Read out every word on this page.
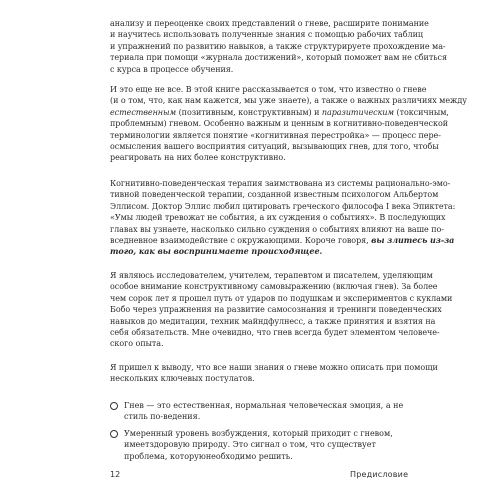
анализу и переоценке своих представлений о гневе, расширите понимание
и научитесь использовать полученные знания с помощью рабочих таблиц
и упражнений по развитию навыков, а также структурируете прохождение ма-
териала при помощи «журнала достижений», который поможет вам не сбиться
с курса в процессе обучения.
И это еще не все. В этой книге рассказывается о том, что известно о гневе
(и о том, что, как нам кажется, мы уже знаете), а также о важных различиях между
естественным (позитивным, конструктивным) и паразитическим (токсичным,
проблемным) гневом. Особенно важным и ценным в когнитивно-поведенческой
терминологии является понятие «когнитивная перестройка» — процесс пере-
осмысления вашего восприятия ситуаций, вызывающих гнев, для того, чтобы
реагировать на них более конструктивно.
Когнитивно-поведенческая терапия заимствована из системы рационально-эмо-
тивной поведенческой терапии, созданной известным психологом Альбертом
Эллисом. Доктор Эллис любил цитировать греческого философа I века Эпиктета:
«Умы людей тревожат не события, а их суждения о событиях». В последующих
главах вы узнаете, насколько сильно суждения о событиях влияют на ваше по-
вседневное взаимодействие с окружающими. Короче говоря, вы злитесь из-за
того, как вы воспринимаете происходящее.
Я являюсь исследователем, учителем, терапевтом и писателем, уделяющим
особое внимание конструктивному самовыражению (включая гнев). За более
чем сорок лет я прошел путь от ударов по подушкам и экспериментов с куклами
Бобо через упражнения на развитие самосознания и тренинги поведенческих
навыков до медитации, техник майндфулнесс, а также принятия и взятия на
себя обязательств. Мне очевидно, что гнев всегда будет элементом человече-
ского опыта.
Я пришел к выводу, что все наши знания о гневе можно описать при помощи
нескольких ключевых постулатов.
12	Предисловие
Гнев — это естественная, нормальная человеческая эмоция, а не стиль по-ведения.
Умеренный уровень возбуждения, который приходит с гневом, имеетздоровую природу. Это сигнал о том, что существует проблема, которуюнеобходимо решить.
